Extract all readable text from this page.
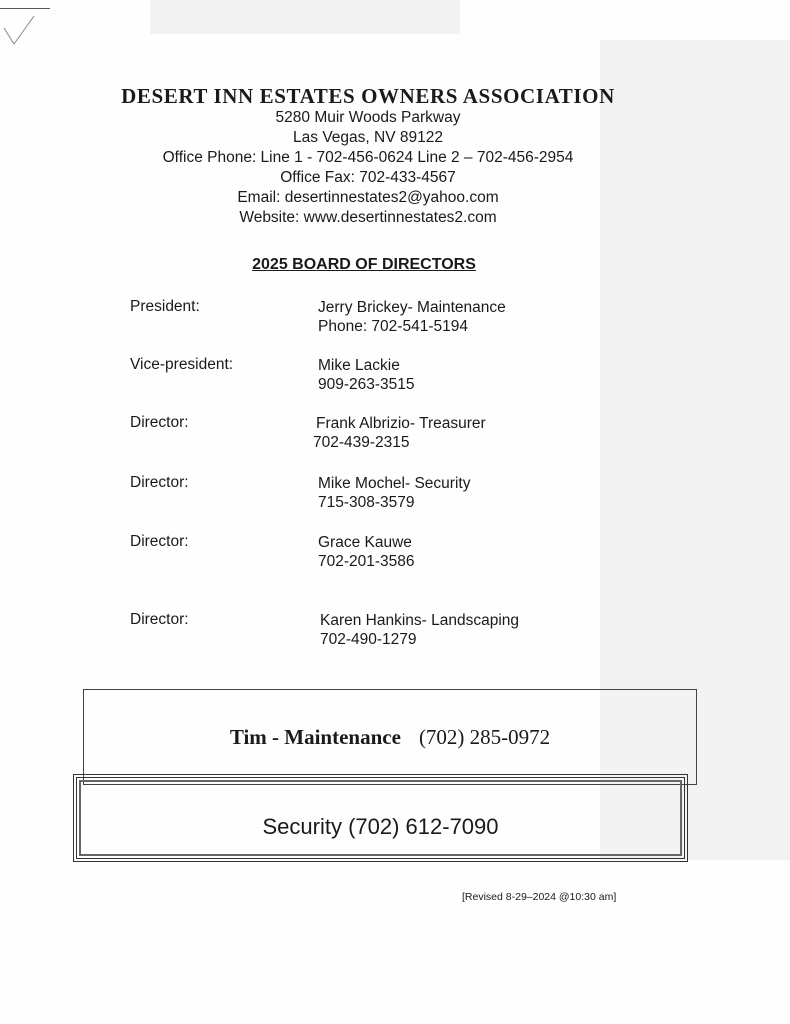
DESERT INN ESTATES OWNERS ASSOCIATION
5280 Muir Woods Parkway
Las Vegas, NV 89122
Office Phone: Line 1 - 702-456-0624 Line 2 – 702-456-2954
Office Fax: 702-433-4567
Email: desertinnestates2@yahoo.com
Website: www.desertinnestates2.com
2025 BOARD OF DIRECTORS
President:	Jerry Brickey- Maintenance
Phone: 702-541-5194
Vice-president:	Mike Lackie
909-263-3515
Director:	Frank Albrizio- Treasurer
702-439-2315
Director:	Mike Mochel- Security
715-308-3579
Director:	Grace Kauwe
702-201-3586
Director:	Karen Hankins- Landscaping
702-490-1279
Tim - Maintenance (702) 285-0972
Security (702) 612-7090
[Revised 8-29–2024 @10:30 am]
